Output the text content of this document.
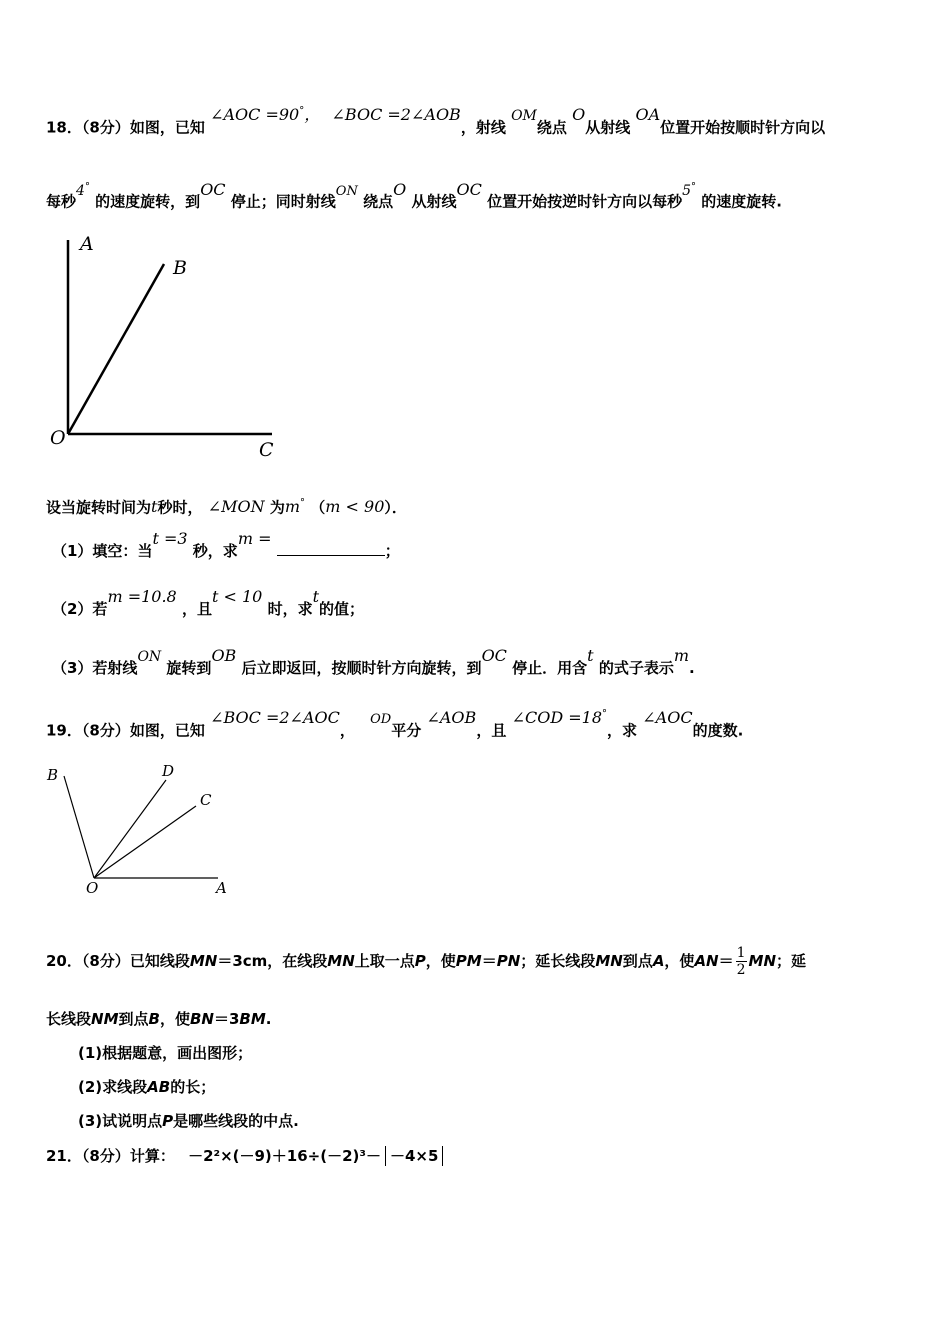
18．（8分）如图，已知 ∠AOC =90°， ∠BOC =2∠AOB，射线 OM绕点 O从射线 OA位置开始按顺时针方向以
每秒4° 的速度旋转，到OC 停止；同时射线ON 绕点O 从射线OC 位置开始按逆时针方向以每秒5° 的速度旋转.
A
B
O
C
设当旋转时间为t秒时， ∠MON 为m° （m < 90）．
（1）填空：当t =3 秒，求m = ；
（2）若m =10.8 ，且t < 10 时，求t的值；
（3）若射线ON 旋转到OB 后立即返回，按顺时针方向旋转，到OC 停止．用含t 的式子表示m.
19．（8分）如图，已知 ∠BOC =2∠AOC， OD平分 ∠AOB，且 ∠COD =18°，求 ∠AOC的度数.
B	D
C
O	A
20．（8分）已知线段MN＝3cm，在线段MN上取一点P，使PM＝PN；延长线段MN到点A，使$AN= \frac{1}{2}$ MN；延
长线段NM到点B，使BN＝3BM.
(1)根据题意，画出图形；
(2)求线段AB的长；
(3)试说明点P是哪些线段的中点.
21．（8分）计算： －2²×(－9)＋16÷(－2)³－ －4×5
